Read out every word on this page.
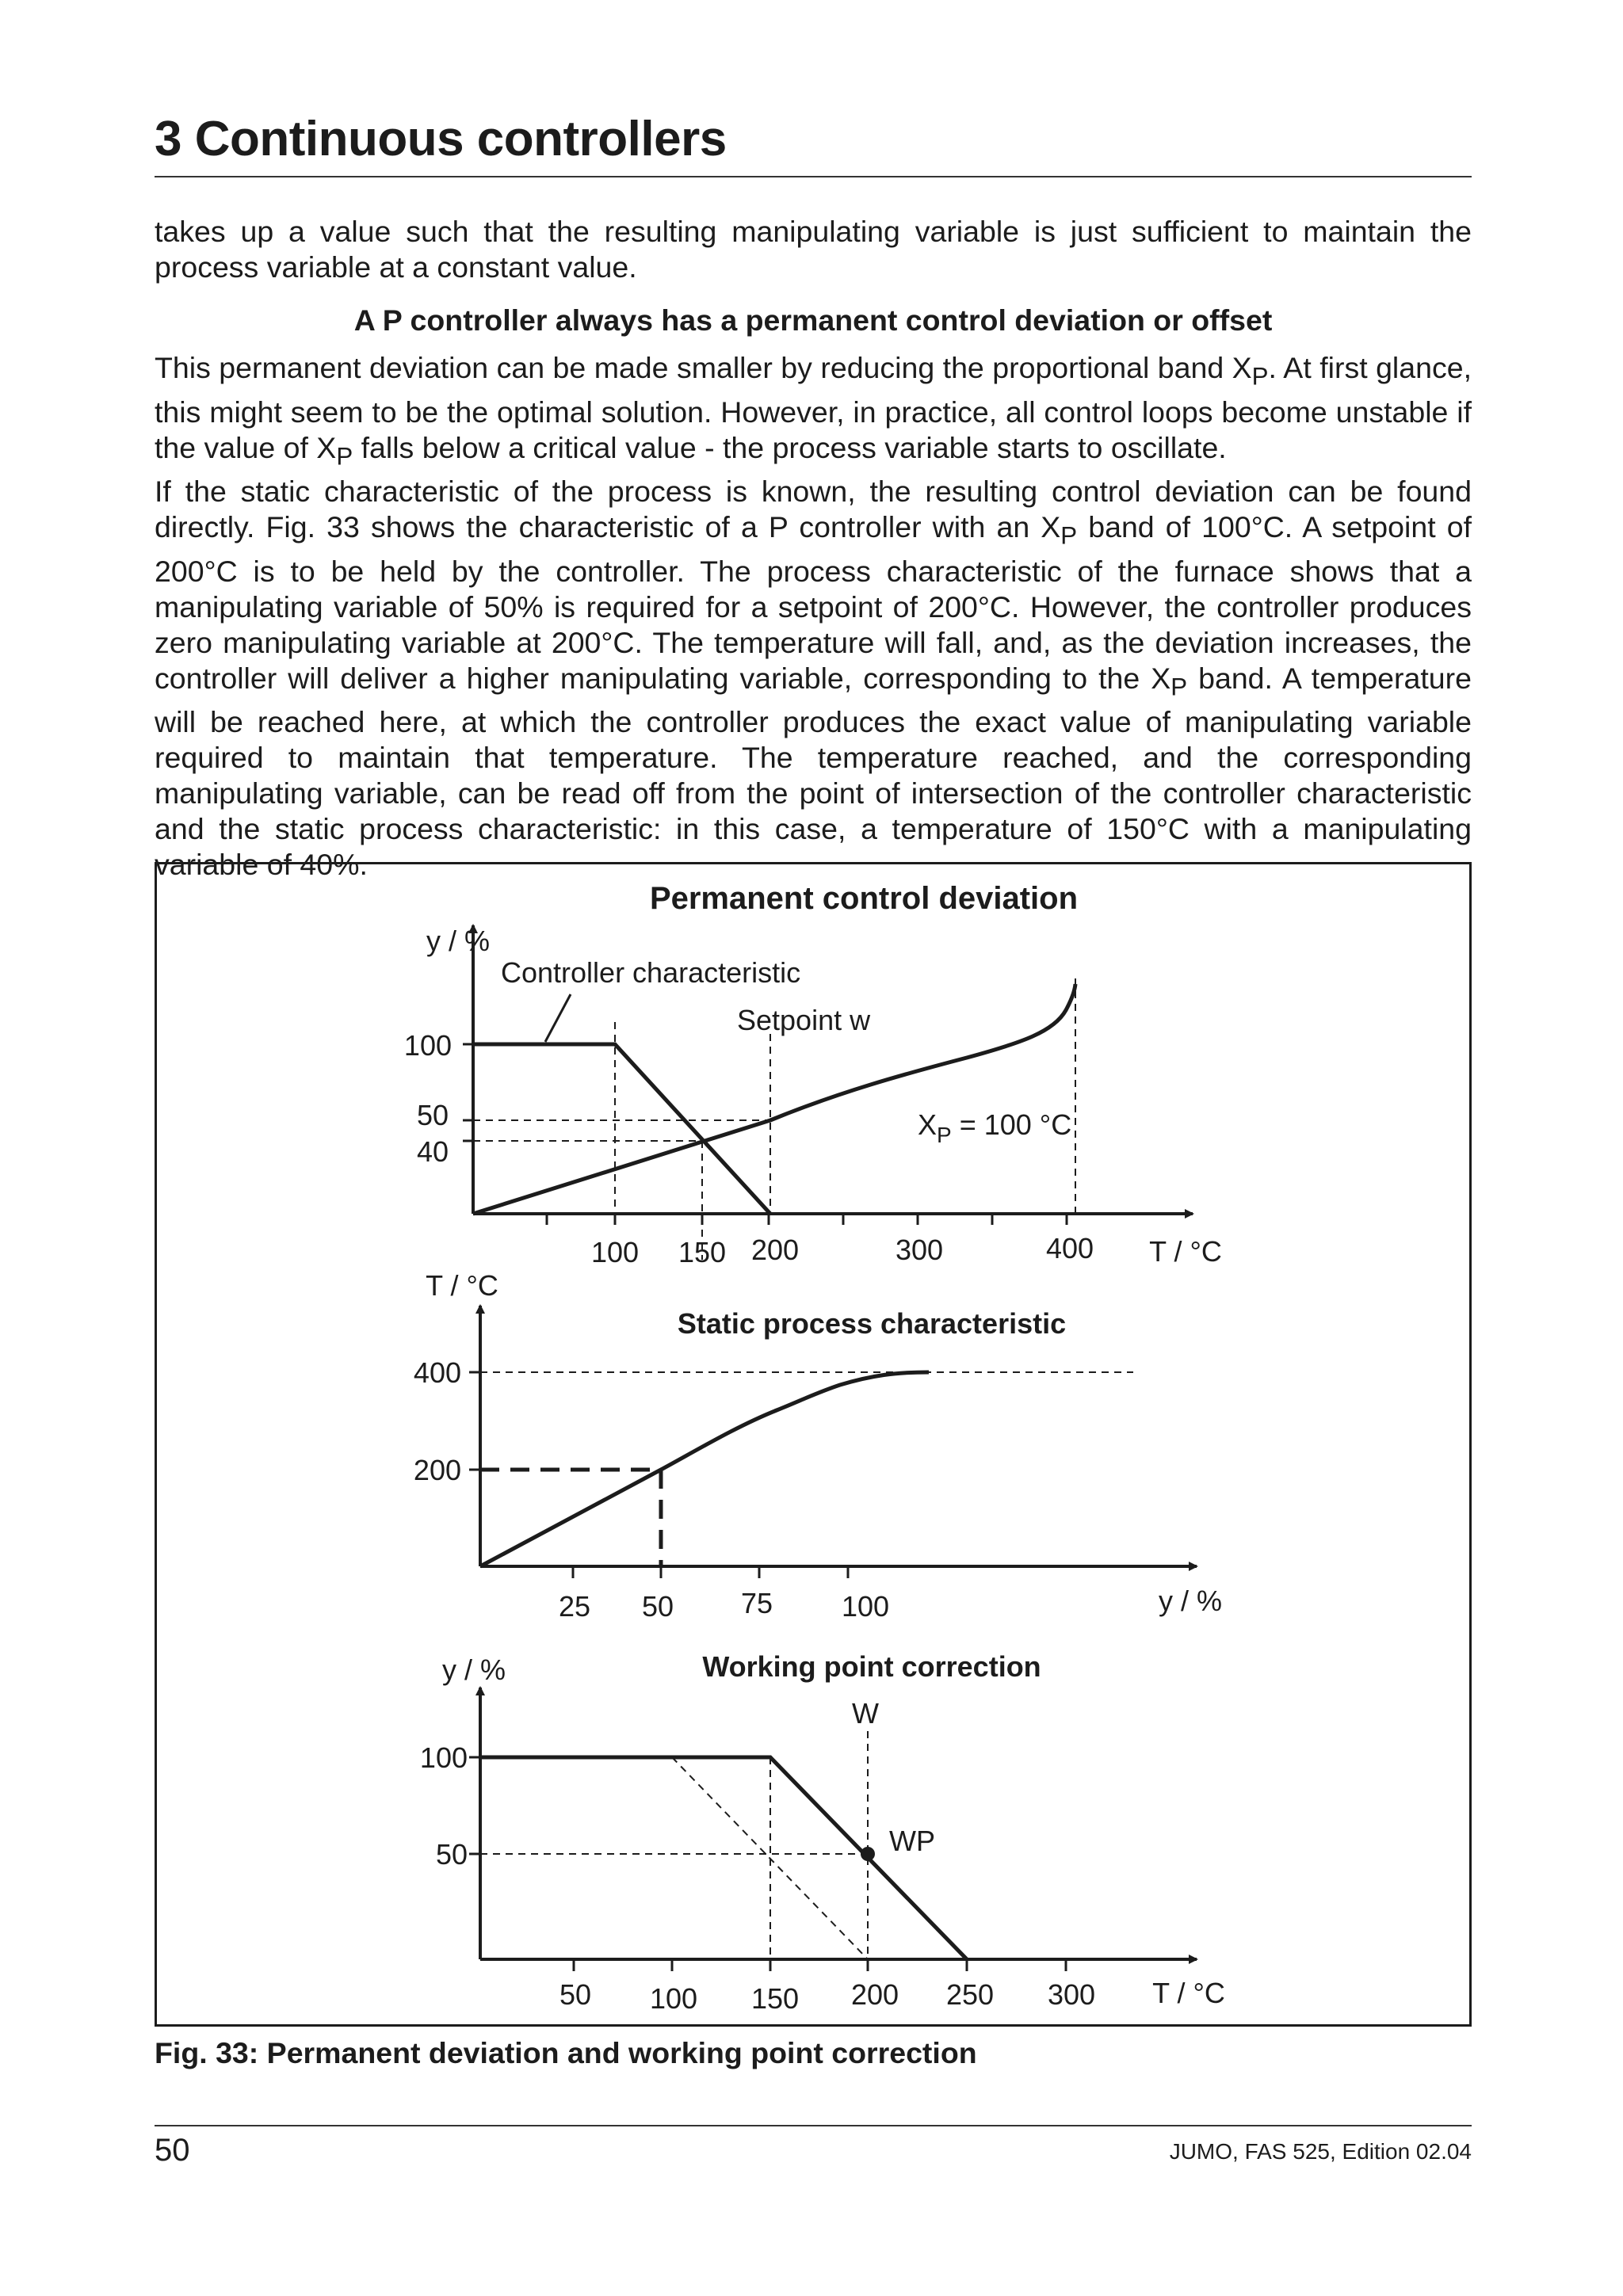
3 Continuous controllers

takes up a value such that the resulting manipulating variable is just sufficient to maintain the process variable at a constant value.

A P controller always has a permanent control deviation or offset

This permanent deviation can be made smaller by reducing the proportional band $X_P$. At first glance, this might seem to be the optimal solution. However, in practice, all control loops become unstable if the value of $X_P$ falls below a critical value - the process variable starts to oscillate.

If the static characteristic of the process is known, the resulting control deviation can be found directly. Fig. 33 shows the characteristic of a P controller with an $X_P$ band of 100°C. A setpoint of 200°C is to be held by the controller. The process characteristic of the furnace shows that a manipulating variable of 50% is required for a setpoint of 200°C. However, the controller produces zero manipulating variable at 200°C. The temperature will fall, and, as the deviation increases, the controller will deliver a higher manipulating variable, corresponding to the $X_P$ band. A temperature will be reached here, at which the controller produces the exact value of manipulating variable required to maintain that temperature. The temperature reached, and the corresponding manipulating variable, can be read off from the point of intersection of the controller characteristic and the static process characteristic: in this case, a temperature of 150°C with a manipulating variable of 40%.

Permanent control deviation
y / %
Controller characteristic
Setpoint w
$X_P = 100$ °C
100
50
40
100 150 200	300	400 T / °C
T / °C
Static process characteristic
400
200
25 50 75 100	y / %
y / %	Working point correction
W
WP
100
50
50 100 150 200 250 300 T / °C

Fig. 33: Permanent deviation and working point correction

50	JUMO, FAS 525, Edition 02.04
